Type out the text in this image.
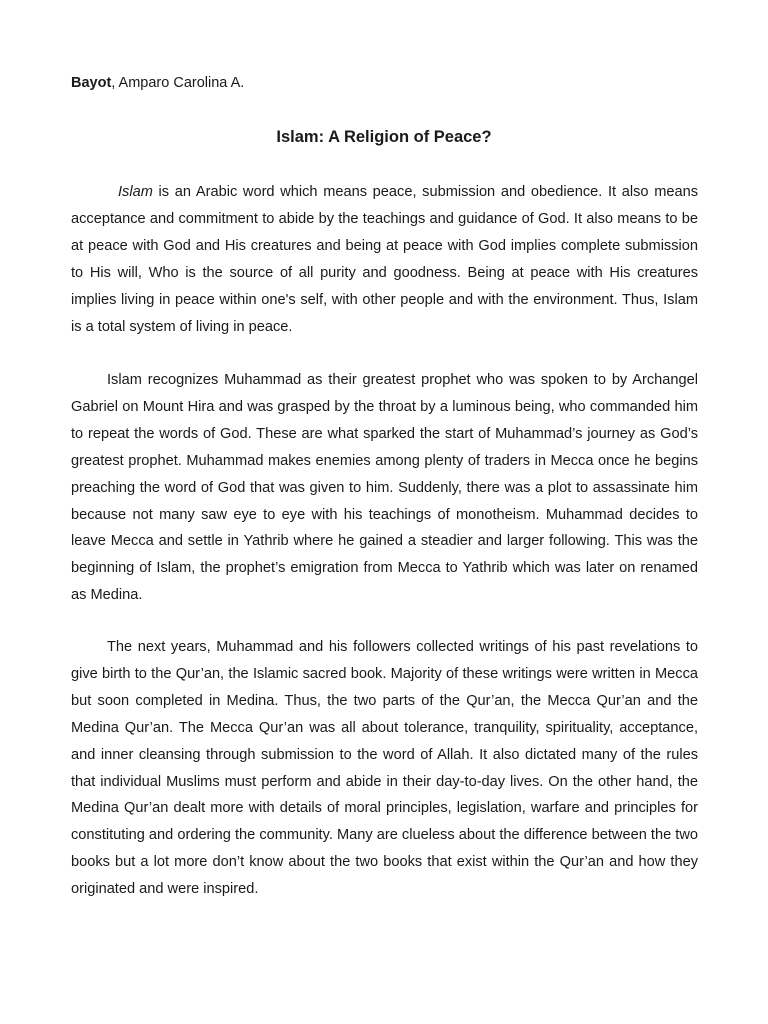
Bayot, Amparo Carolina A.
Islam: A Religion of Peace?

Islam is an Arabic word which means peace, submission and obedience. It also means acceptance and commitment to abide by the teachings and guidance of God. It also means to be at peace with God and His creatures and being at peace with God implies complete submission to His will, Who is the source of all purity and goodness. Being at peace with His creatures implies living in peace within one's self, with other people and with the environment. Thus, Islam is a total system of living in peace.

Islam recognizes Muhammad as their greatest prophet who was spoken to by Archangel Gabriel on Mount Hira and was grasped by the throat by a luminous being, who commanded him to repeat the words of God. These are what sparked the start of Muhammad’s journey as God’s greatest prophet. Muhammad makes enemies among plenty of traders in Mecca once he begins preaching the word of God that was given to him. Suddenly, there was a plot to assassinate him because not many saw eye to eye with his teachings of monotheism. Muhammad decides to leave Mecca and settle in Yathrib where he gained a steadier and larger following. This was the beginning of Islam, the prophet’s emigration from Mecca to Yathrib which was later on renamed as Medina.

The next years, Muhammad and his followers collected writings of his past revelations to give birth to the Qur’an, the Islamic sacred book. Majority of these writings were written in Mecca but soon completed in Medina. Thus, the two parts of the Qur’an, the Mecca Qur’an and the Medina Qur’an. The Mecca Qur’an was all about tolerance, tranquility, spirituality, acceptance, and inner cleansing through submission to the word of Allah. It also dictated many of the rules that individual Muslims must perform and abide in their day-to-day lives. On the other hand, the Medina Qur’an dealt more with details of moral principles, legislation, warfare and principles for constituting and ordering the community. Many are clueless about the difference between the two books but a lot more don’t know about the two books that exist within the Qur’an and how they originated and were inspired.
